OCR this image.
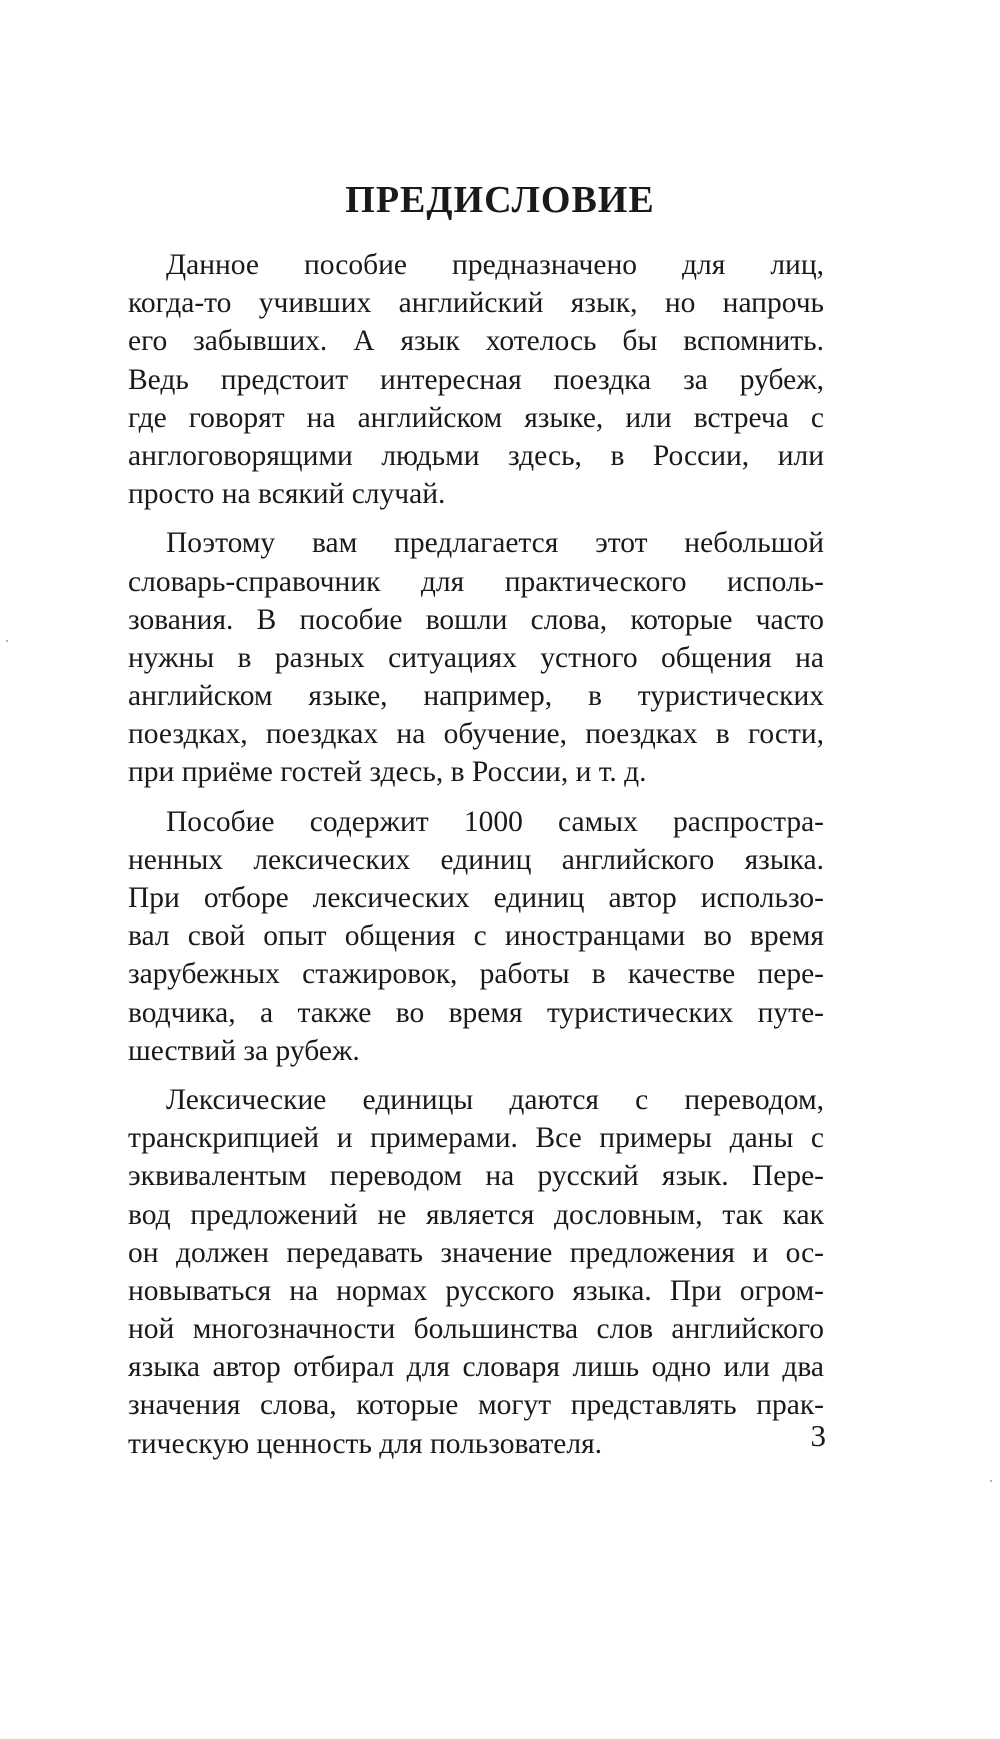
ПРЕДИСЛОВИЕ

Данное пособие предназначено для лиц,
когда-то учивших английский язык, но напрочь
его забывших. А язык хотелось бы вспомнить.
Ведь предстоит интересная поездка за рубеж,
где говорят на английском языке, или встреча с
англоговорящими людьми здесь, в России, или
просто на всякий случай.

Поэтому вам предлагается этот небольшой
словарь-справочник для практического исполь-
зования. В пособие вошли слова, которые часто
нужны в разных ситуациях устного общения на
английском языке, например, в туристических
поездках, поездках на обучение, поездках в гости,
при приёме гостей здесь, в России, и т. д.

Пособие содержит 1000 самых распростра-
ненных лексических единиц английского языка.
При отборе лексических единиц автор использо-
вал свой опыт общения с иностранцами во время
зарубежных стажировок, работы в качестве пере-
водчика, а также во время туристических путе-
шествий за рубеж.

Лексические единицы даются с переводом,
транскрипцией и примерами. Все примеры даны с
эквивалентым переводом на русский язык. Пере-
вод предложений не является дословным, так как
он должен передавать значение предложения и ос-
новываться на нормах русского языка. При огром-
ной многозначности большинства слов английского
языка автор отбирал для словаря лишь одно или два
значения слова, которые могут представлять прак-
тическую ценность для пользователя.	3
